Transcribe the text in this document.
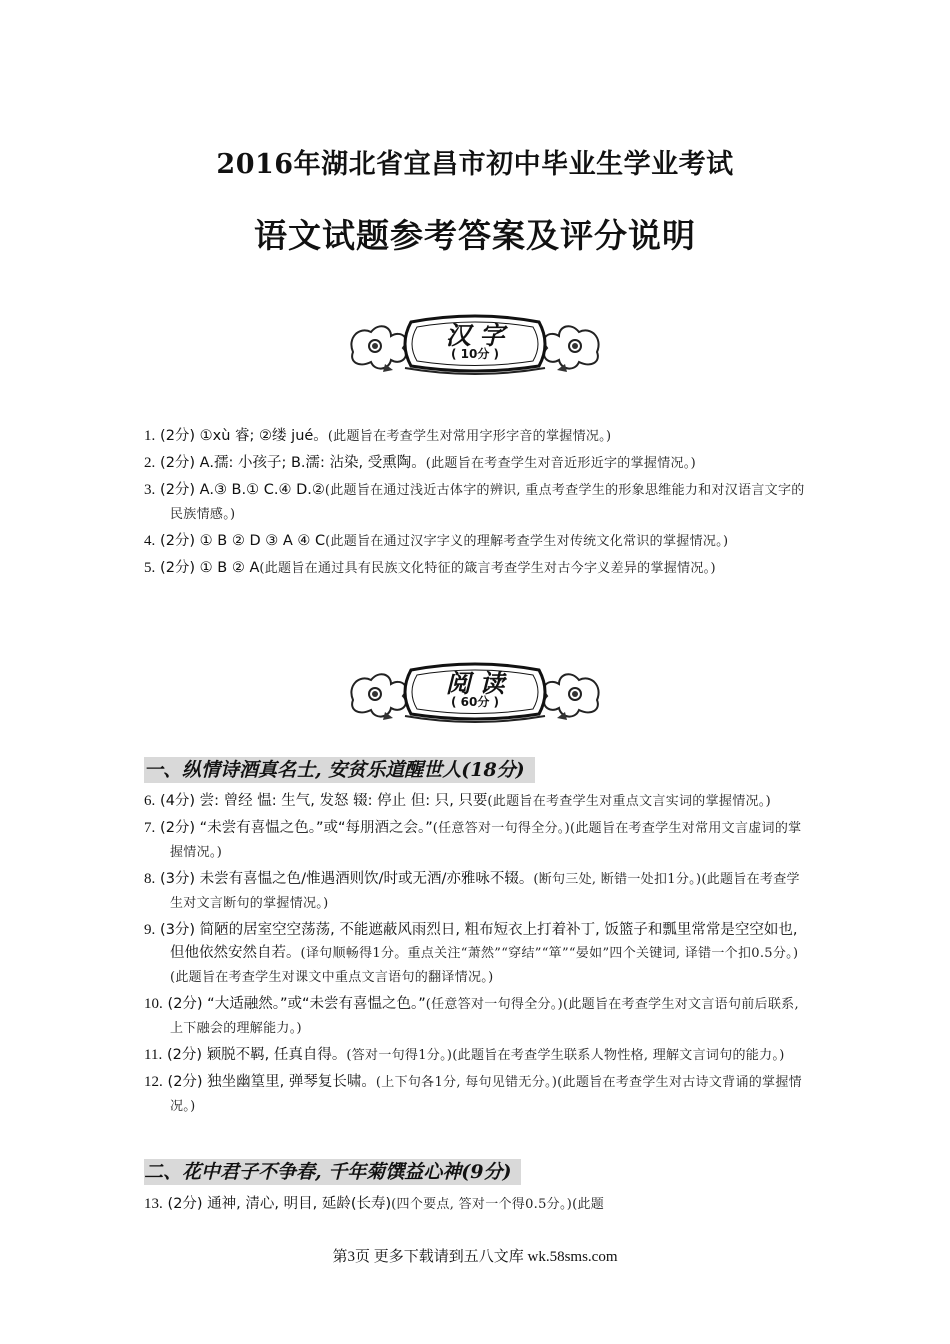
2016年湖北省宜昌市初中毕业生学业考试
语文试题参考答案及评分说明
汉 字
( 10分 )
1. (2分) ①xù 睿; ②缕 jué。(此题旨在考查学生对常用字形字音的掌握情况。)
2. (2分) A.孺: 小孩子; B.濡: 沾染, 受熏陶。(此题旨在考查学生对音近形近字的掌握情况。)
3. (2分) A.③ B.① C.④ D.②(此题旨在通过浅近古体字的辨识, 重点考查学生的形象思维能力和对汉语言文字的民族情感。)
4. (2分) ① B ② D ③ A ④ C(此题旨在通过汉字字义的理解考查学生对传统文化常识的掌握情况。)
5. (2分) ① B ② A(此题旨在通过具有民族文化特征的箴言考查学生对古今字义差异的掌握情况。)
阅 读
( 60分 )
一、纵情诗酒真名士, 安贫乐道醒世人(18分)
6. (4分) 尝: 曾经 愠: 生气, 发怒 辍: 停止 但: 只, 只要(此题旨在考查学生对重点文言实词的掌握情况。)
7. (2分) “未尝有喜愠之色。”或“每朋酒之会。”(任意答对一句得全分。)(此题旨在考查学生对常用文言虚词的掌握情况。)
8. (3分) 未尝有喜愠之色/惟遇酒则饮/时或无酒/亦雅咏不辍。(断句三处, 断错一处扣1分。)(此题旨在考查学生对文言断句的掌握情况。)
9. (3分) 简陋的居室空空荡荡, 不能遮蔽风雨烈日, 粗布短衣上打着补丁, 饭篮子和瓢里常常是空空如也, 但他依然安然自若。(译句顺畅得1分。重点关注“萧然”“穿结”“箪”“晏如”四个关键词, 译错一个扣0.5分。)(此题旨在考查学生对课文中重点文言语句的翻译情况。)
10. (2分) “大适融然。”或“未尝有喜愠之色。”(任意答对一句得全分。)(此题旨在考查学生对文言语句前后联系, 上下融会的理解能力。)
11. (2分) 颖脱不羁, 任真自得。(答对一句得1分。)(此题旨在考查学生联系人物性格, 理解文言词句的能力。)
12. (2分) 独坐幽篁里, 弹琴复长啸。(上下句各1分, 每句见错无分。)(此题旨在考查学生对古诗文背诵的掌握情况。)
二、花中君子不争春, 千年菊馔益心神(9分)
13. (2分) 通神, 清心, 明目, 延龄(长寿)(四个要点, 答对一个得0.5分。)(此题
第3页 更多下载请到五八文库 wk.58sms.com
